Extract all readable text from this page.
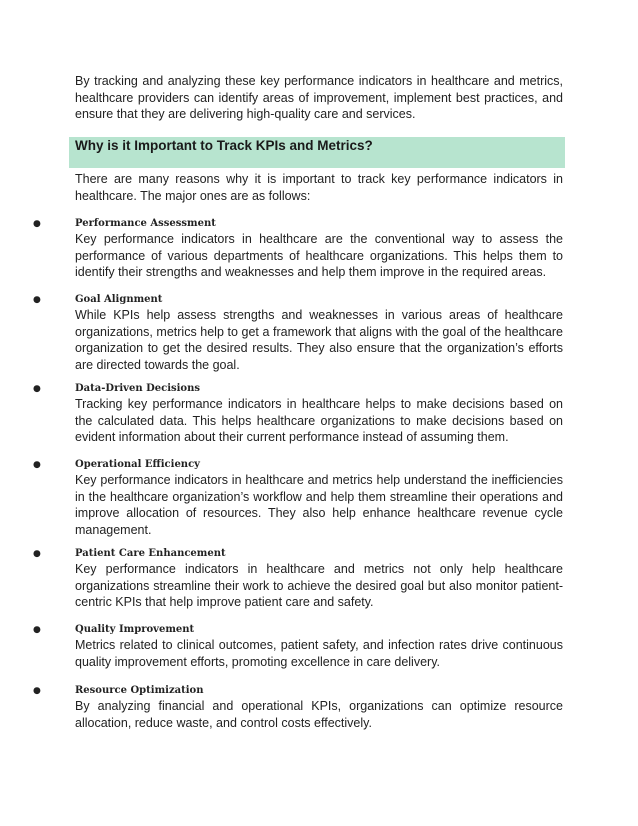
By tracking and analyzing these key performance indicators in healthcare and metrics, healthcare providers can identify areas of improvement, implement best practices, and ensure that they are delivering high-quality care and services.

Why is it Important to Track KPIs and Metrics?

There are many reasons why it is important to track key performance indicators in healthcare. The major ones are as follows:

●	Performance Assessment

Key performance indicators in healthcare are the conventional way to assess the performance of various departments of healthcare organizations. This helps them to identify their strengths and weaknesses and help them improve in the required areas.

●	Goal Alignment

While KPIs help assess strengths and weaknesses in various areas of healthcare organizations, metrics help to get a framework that aligns with the goal of the healthcare organization to get the desired results. They also ensure that the organization’s efforts are directed towards the goal.

●	Data-Driven Decisions

Tracking key performance indicators in healthcare helps to make decisions based on the calculated data. This helps healthcare organizations to make decisions based on evident information about their current performance instead of assuming them.

●	Operational Efficiency

Key performance indicators in healthcare and metrics help understand the inefficiencies in the healthcare organization’s workflow and help them streamline their operations and improve allocation of resources. They also help enhance healthcare revenue cycle management.

●	Patient Care Enhancement

Key performance indicators in healthcare and metrics not only help healthcare organizations streamline their work to achieve the desired goal but also monitor patient-centric KPIs that help improve patient care and safety.

●	Quality Improvement

Metrics related to clinical outcomes, patient safety, and infection rates drive continuous quality improvement efforts, promoting excellence in care delivery.

●	Resource Optimization

By analyzing financial and operational KPIs, organizations can optimize resource allocation, reduce waste, and control costs effectively.
